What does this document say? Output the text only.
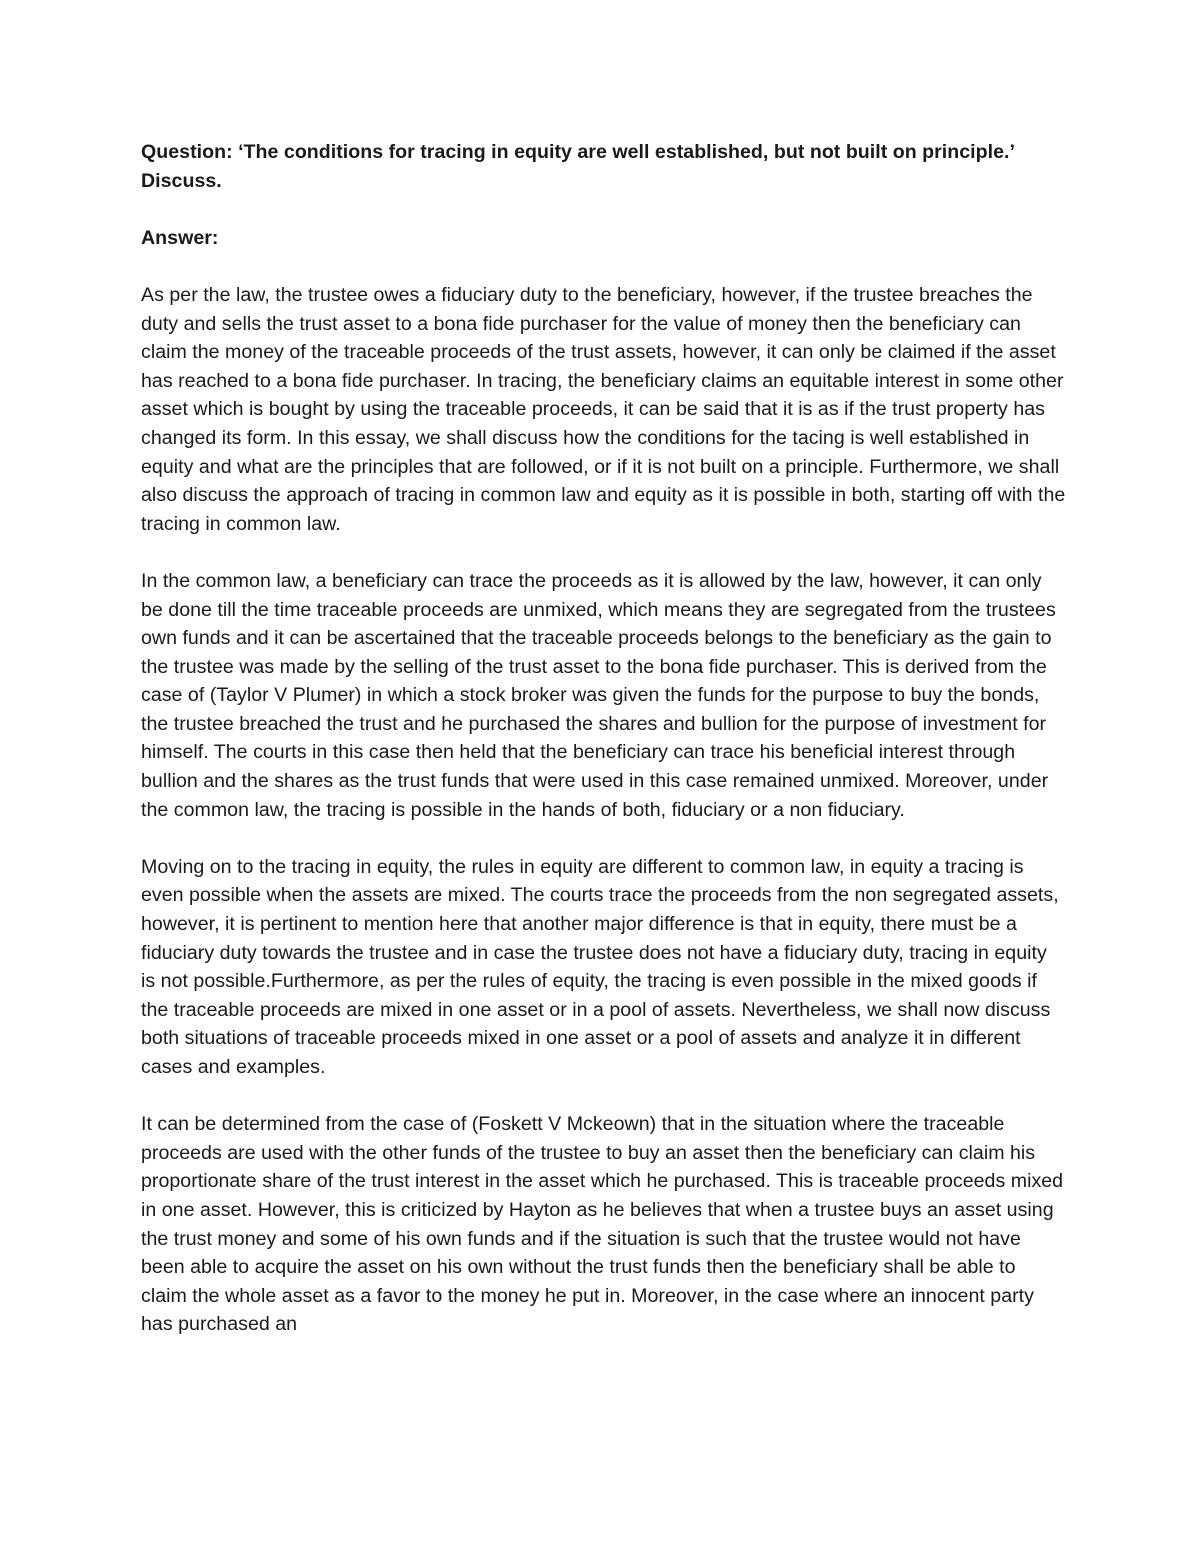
Question: ‘The conditions for tracing in equity are well established, but not built on principle.’ Discuss.

Answer:

As per the law, the trustee owes a fiduciary duty to the beneficiary, however, if the trustee breaches the duty and sells the trust asset to a bona fide purchaser for the value of money then the beneficiary can claim the money of the traceable proceeds of the trust assets, however, it can only be claimed if the asset has reached to a bona fide purchaser. In tracing, the beneficiary claims an equitable interest in some other asset which is bought by using the traceable proceeds, it can be said that it is as if the trust property has changed its form. In this essay, we shall discuss how the conditions for the tacing is well established in equity and what are the principles that are followed, or if it is not built on a principle. Furthermore, we shall also discuss the approach of tracing in common law and equity as it is possible in both, starting off with the tracing in common law.

In the common law, a beneficiary can trace the proceeds as it is allowed by the law, however, it can only be done till the time traceable proceeds are unmixed, which means they are segregated from the trustees own funds and it can be ascertained that the traceable proceeds belongs to the beneficiary as the gain to the trustee was made by the selling of the trust asset to the bona fide purchaser. This is derived from the case of (Taylor V Plumer) in which a stock broker was given the funds for the purpose to buy the bonds, the trustee breached the trust and he purchased the shares and bullion for the purpose of investment for himself. The courts in this case then held that the beneficiary can trace his beneficial interest through bullion and the shares as the trust funds that were used in this case remained unmixed. Moreover, under the common law, the tracing is possible in the hands of both, fiduciary or a non fiduciary.

Moving on to the tracing in equity, the rules in equity are different to common law, in equity a tracing is even possible when the assets are mixed. The courts trace the proceeds from the non segregated assets, however, it is pertinent to mention here that another major difference is that in equity, there must be a fiduciary duty towards the trustee and in case the trustee does not have a fiduciary duty, tracing in equity is not possible.Furthermore, as per the rules of equity, the tracing is even possible in the mixed goods if the traceable proceeds are mixed in one asset or in a pool of assets. Nevertheless, we shall now discuss both situations of traceable proceeds mixed in one asset or a pool of assets and analyze it in different cases and examples.

It can be determined from the case of (Foskett V Mckeown) that in the situation where the traceable proceeds are used with the other funds of the trustee to buy an asset then the beneficiary can claim his proportionate share of the trust interest in the asset which he purchased. This is traceable proceeds mixed in one asset. However, this is criticized by Hayton as he believes that when a trustee buys an asset using the trust money and some of his own funds and if the situation is such that the trustee would not have been able to acquire the asset on his own without the trust funds then the beneficiary shall be able to claim the whole asset as a favor to the money he put in. Moreover, in the case where an innocent party has purchased an
